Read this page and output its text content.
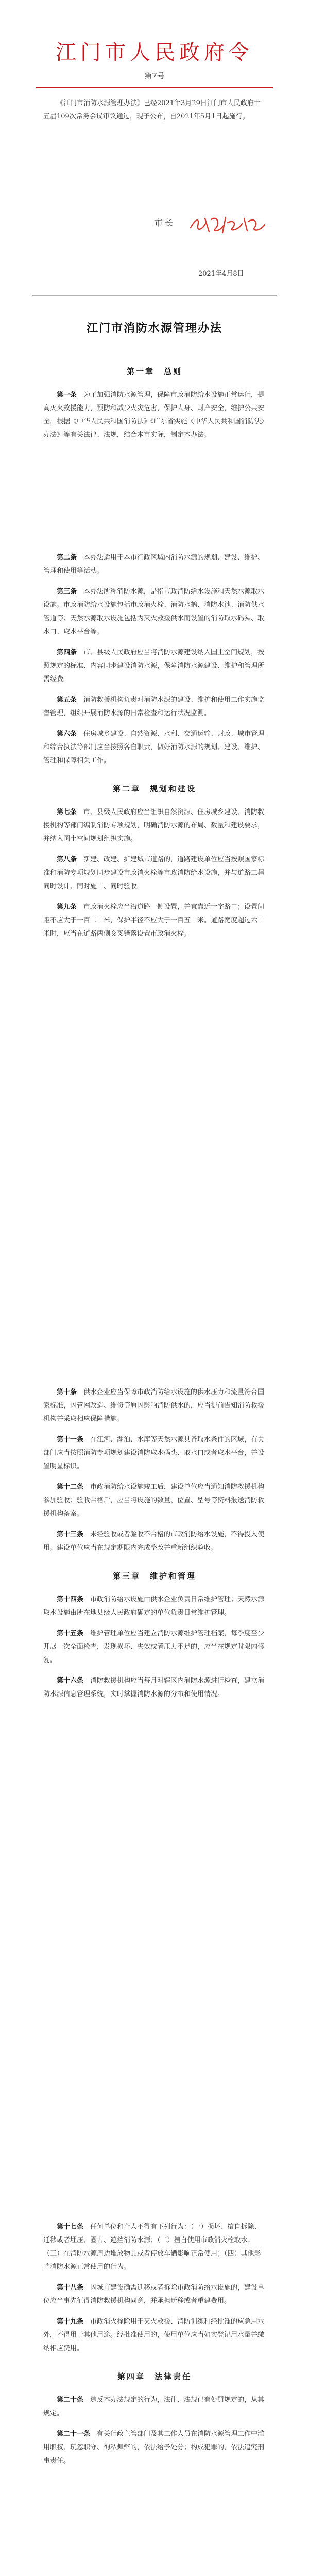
江门市人民政府令
第7号
《江门市消防水源管理办法》已经2021年3月29日江门市人民政府十五届109次常务会议审议通过，现予公布，自2021年5月1日起施行。
市长
2021年4月8日
江门市消防水源管理办法
第一章　总则

第一条　 为了加强消防水源管理，保障市政消防给水设施正常运行，提高灭火救援能力，预防和减少火灾危害，保护人身、财产安全，维护公共安全，根据《中华人民共和国消防法》《广东省实施〈中华人民共和国消防法〉办法》等有关法律、法规，结合本市实际，制定本办法。

第二条　 本办法适用于本市行政区域内消防水源的规划、建设、维护、管理和使用等活动。

第三条　 本办法所称消防水源，是指市政消防给水设施和天然水源取水设施。市政消防给水设施包括市政消火栓、消防水鹤、消防水池、消防供水管道等；天然水源取水设施包括为灭火救援供水而设置的消防取水码头、取水口、取水平台等。

第四条　 市、县级人民政府应当将消防水源建设纳入国土空间规划，按照规定的标准、内容同步建设消防水源，保障消防水源建设、维护和管理所需经费。

第五条　 消防救援机构负责对消防水源的建设、维护和使用工作实施监督管理，组织开展消防水源的日常检查和运行状况监测。

第六条　 住房城乡建设、自然资源、水利、交通运输、财政、城市管理和综合执法等部门应当按照各自职责，做好消防水源的规划、建设、维护、管理和保障相关工作。

第二章　规划和建设

第七条　 市、县级人民政府应当组织自然资源、住房城乡建设、消防救援机构等部门编制消防专项规划，明确消防水源的布局、数量和建设要求，并纳入国土空间规划组织实施。

第八条　 新建、改建、扩建城市道路的，道路建设单位应当按照国家标准和消防专项规划同步建设市政消火栓等市政消防给水设施，并与道路工程同时设计、同时施工、同时验收。

第九条　 市政消火栓应当沿道路一侧设置，并宜靠近十字路口；设置间距不应大于一百二十米，保护半径不应大于一百五十米。道路宽度超过六十米时，应当在道路两侧交叉错落设置市政消火栓。

第十条　 供水企业应当保障市政消防给水设施的供水压力和流量符合国家标准，因管网改造、维修等原因影响消防供水的，应当提前告知消防救援机构并采取相应保障措施。

第十一条　 在江河、湖泊、水库等天然水源具备取水条件的区域，有关部门应当按照消防专项规划建设消防取水码头、取水口或者取水平台，并设置明显标识。

第十二条　 市政消防给水设施竣工后，建设单位应当通知消防救援机构参加验收；验收合格后，应当将设施的数量、位置、型号等资料报送消防救援机构备案。

第十三条　 未经验收或者验收不合格的市政消防给水设施，不得投入使用。建设单位应当在规定期限内完成整改并重新组织验收。

第三章　维护和管理

第十四条　 市政消防给水设施由供水企业负责日常维护管理；天然水源取水设施由所在地县级人民政府确定的单位负责日常维护管理。

第十五条　 维护管理单位应当建立消防水源维护管理档案，每季度至少开展一次全面检查，发现损坏、失效或者压力不足的，应当在规定时限内修复。

第十六条　 消防救援机构应当每月对辖区内消防水源进行检查，建立消防水源信息管理系统，实时掌握消防水源的分布和使用情况。

第十七条　 任何单位和个人不得有下列行为：（一）损坏、擅自拆除、迁移或者埋压、圈占、遮挡消防水源；（二）擅自使用市政消火栓取水；（三）在消防水源周边堆放物品或者停放车辆影响正常使用；（四）其他影响消防水源正常使用的行为。

第十八条　 因城市建设确需迁移或者拆除市政消防给水设施的，建设单位应当事先征得消防救援机构同意，并承担迁移或者重建费用。

第十九条　 市政消火栓除用于灭火救援、消防训练和经批准的应急用水外，不得用于其他用途。经批准使用的，使用单位应当如实登记用水量并缴纳相应费用。

第四章　法律责任

第二十条　 违反本办法规定的行为，法律、法规已有处罚规定的，从其规定。

第二十一条　 有关行政主管部门及其工作人员在消防水源管理工作中滥用职权、玩忽职守、徇私舞弊的，依法给予处分；构成犯罪的，依法追究刑事责任。
